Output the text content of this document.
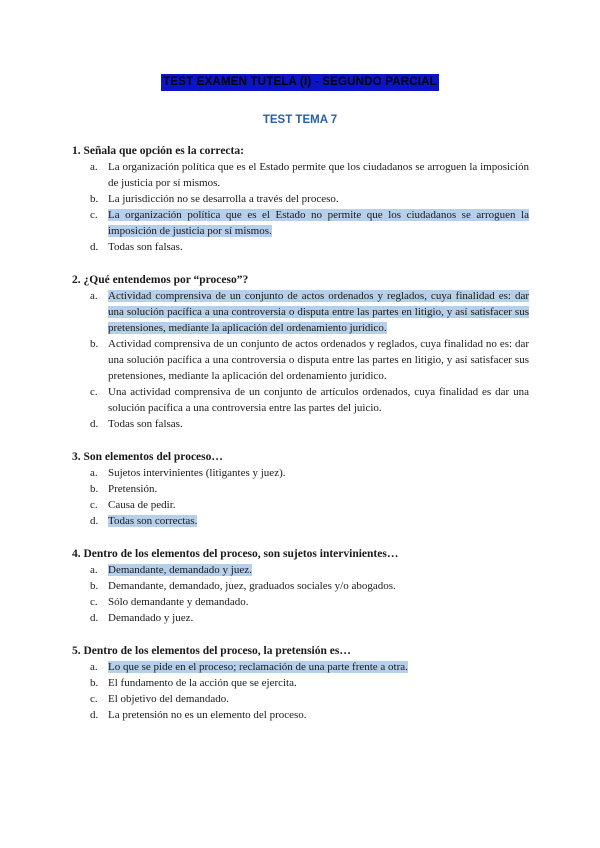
TEST EXAMEN TUTELA (I) - SEGUNDO PARCIAL
TEST TEMA 7
1. Señala que opción es la correcta:
a. La organización política que es el Estado permite que los ciudadanos se arroguen la imposición de justicia por sí mismos.
b. La jurisdicción no se desarrolla a través del proceso.
c. La organización política que es el Estado no permite que los ciudadanos se arroguen la imposición de justicia por sí mismos.
d. Todas son falsas.
2. ¿Qué entendemos por “proceso”?
a. Actividad comprensiva de un conjunto de actos ordenados y reglados, cuya finalidad es: dar una solución pacífica a una controversia o disputa entre las partes en litigio, y así satisfacer sus pretensiones, mediante la aplicación del ordenamiento jurídico.
b. Actividad comprensiva de un conjunto de actos ordenados y reglados, cuya finalidad no es: dar una solución pacífica a una controversia o disputa entre las partes en litigio, y así satisfacer sus pretensiones, mediante la aplicación del ordenamiento jurídico.
c. Una actividad comprensiva de un conjunto de artículos ordenados, cuya finalidad es dar una solución pacífica a una controversia entre las partes del juicio.
d. Todas son falsas.
3. Son elementos del proceso…
a. Sujetos intervinientes (litigantes y juez).
b. Pretensión.
c. Causa de pedir.
d. Todas son correctas.
4. Dentro de los elementos del proceso, son sujetos intervinientes…
a. Demandante, demandado y juez.
b. Demandante, demandado, juez, graduados sociales y/o abogados.
c. Sólo demandante y demandado.
d. Demandado y juez.
5. Dentro de los elementos del proceso, la pretensión es…
a. Lo que se pide en el proceso; reclamación de una parte frente a otra.
b. El fundamento de la acción que se ejercita.
c. El objetivo del demandado.
d. La pretensión no es un elemento del proceso.
